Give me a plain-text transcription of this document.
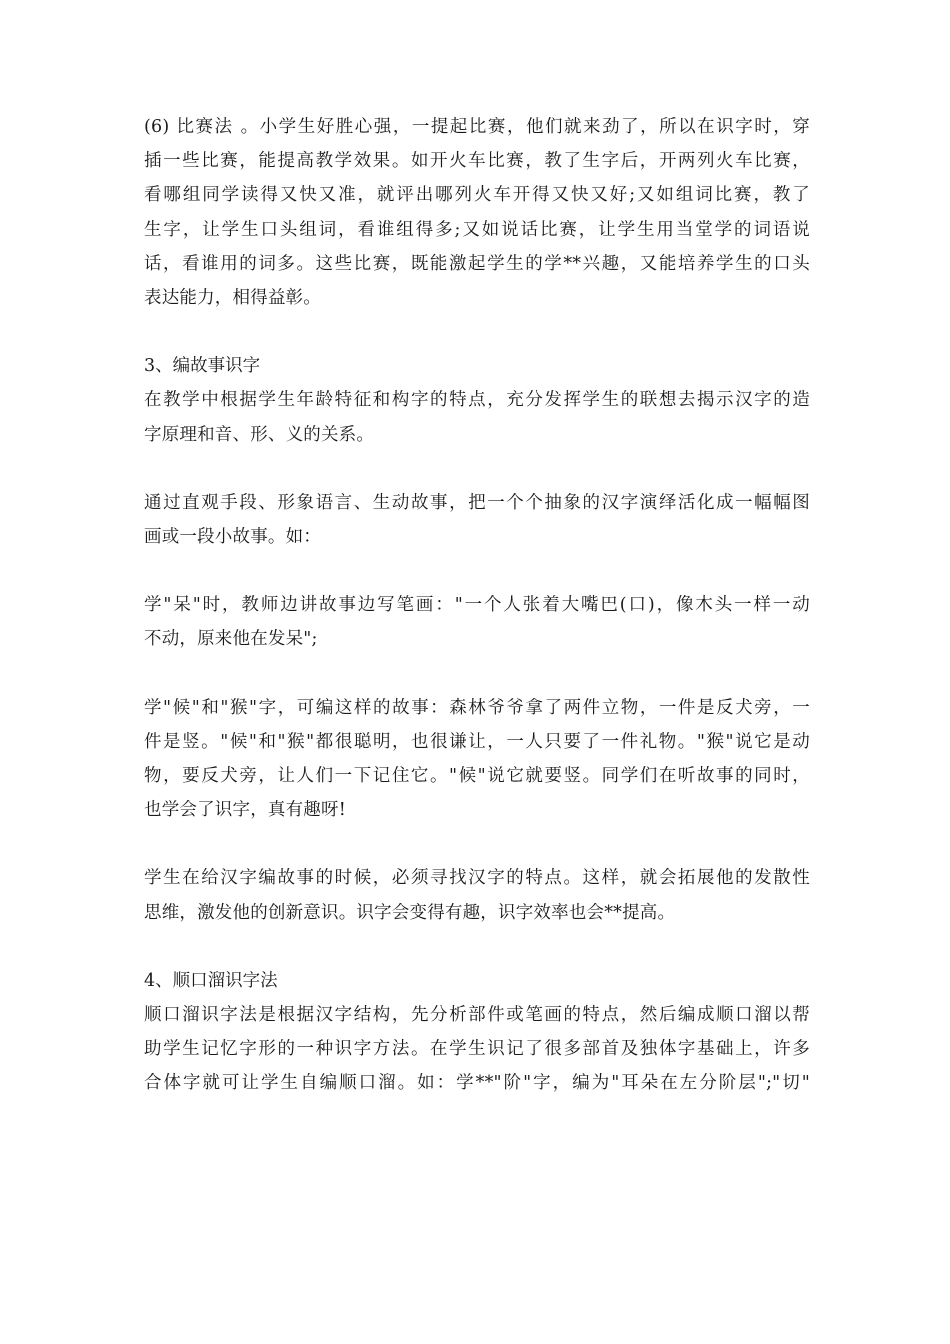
(6) 比赛法 。小学生好胜心强，一提起比赛，他们就来劲了，所以在识字时，穿
插一些比赛，能提高教学效果。如开火车比赛，教了生字后，开两列火车比赛，
看哪组同学读得又快又准，就评出哪列火车开得又快又好;又如组词比赛，教了
生字，让学生口头组词，看谁组得多;又如说话比赛，让学生用当堂学的词语说
话，看谁用的词多。这些比赛，既能激起学生的学**兴趣，又能培养学生的口头
表达能力，相得益彰。

3、编故事识字

在教学中根据学生年龄特征和构字的特点，充分发挥学生的联想去揭示汉字的造
字原理和音、形、义的关系。

通过直观手段、形象语言、生动故事，把一个个抽象的汉字演绎活化成一幅幅图
画或一段小故事。如：

学"呆"时，教师边讲故事边写笔画："一个人张着大嘴巴(口)，像木头一样一动
不动，原来他在发呆";

学"候"和"猴"字，可编这样的故事：森林爷爷拿了两件立物，一件是反犬旁，一
件是竖。"候"和"猴"都很聪明，也很谦让，一人只要了一件礼物。"猴"说它是动
物，要反犬旁，让人们一下记住它。"候"说它就要竖。同学们在听故事的同时，
也学会了识字，真有趣呀!

学生在给汉字编故事的时候，必须寻找汉字的特点。这样，就会拓展他的发散性
思维，激发他的创新意识。识字会变得有趣，识字效率也会**提高。

4、顺口溜识字法

顺口溜识字法是根据汉字结构，先分析部件或笔画的特点，然后编成顺口溜以帮
助学生记忆字形的一种识字方法。在学生识记了很多部首及独体字基础上，许多
合体字就可让学生自编顺口溜。如：学**"阶"字，编为"耳朵在左分阶层";"切"
